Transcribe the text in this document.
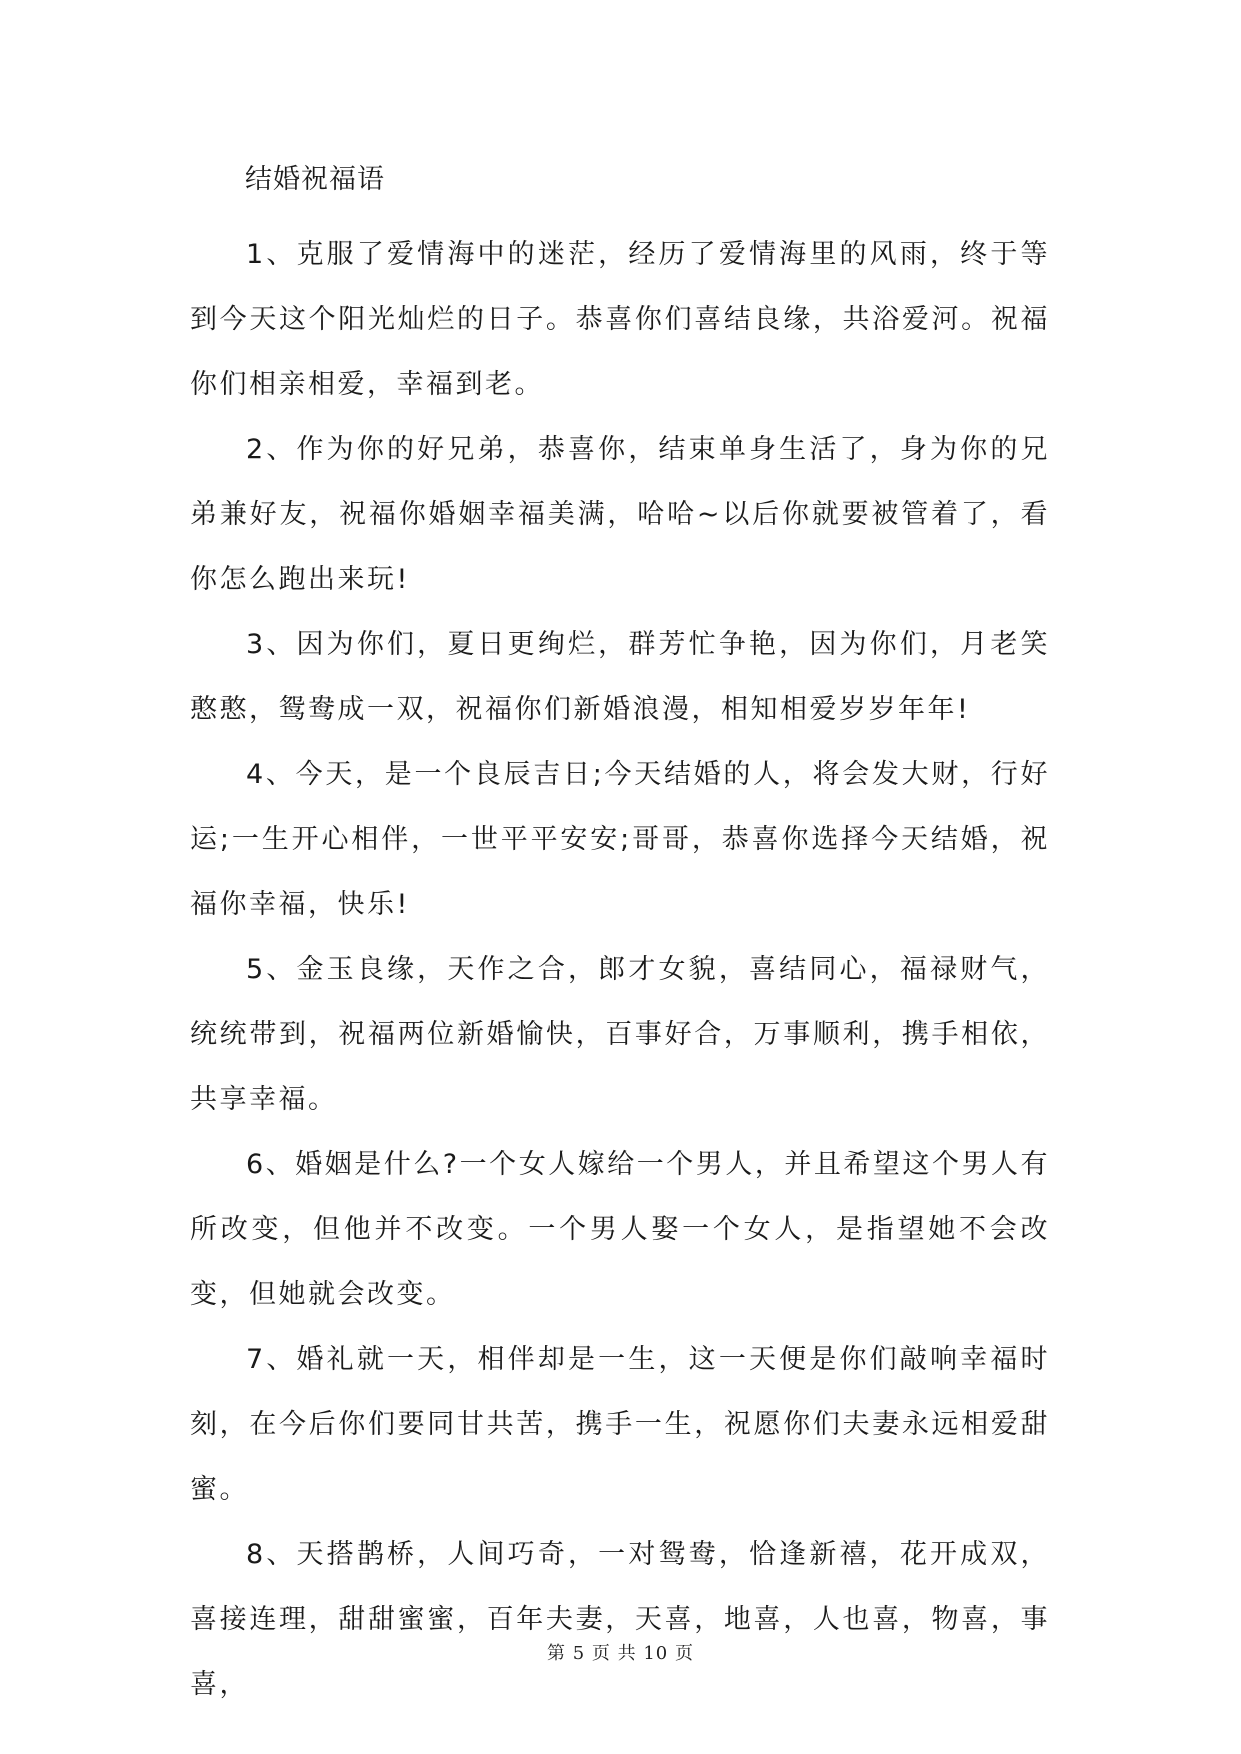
结婚祝福语

1、克服了爱情海中的迷茫，经历了爱情海里的风雨，终于等到今天这个阳光灿烂的日子。恭喜你们喜结良缘，共浴爱河。祝福你们相亲相爱，幸福到老。

2、作为你的好兄弟，恭喜你，结束单身生活了，身为你的兄弟兼好友，祝福你婚姻幸福美满，哈哈~以后你就要被管着了，看你怎么跑出来玩!

3、因为你们，夏日更绚烂，群芳忙争艳，因为你们，月老笑憨憨，鸳鸯成一双，祝福你们新婚浪漫，相知相爱岁岁年年!

4、今天，是一个良辰吉日;今天结婚的人，将会发大财，行好运;一生开心相伴，一世平平安安;哥哥，恭喜你选择今天结婚，祝福你幸福，快乐!

5、金玉良缘，天作之合，郎才女貌，喜结同心，福禄财气，统统带到，祝福两位新婚愉快，百事好合，万事顺利，携手相依，共享幸福。

6、婚姻是什么?一个女人嫁给一个男人，并且希望这个男人有所改变，但他并不改变。一个男人娶一个女人，是指望她不会改变，但她就会改变。

7、婚礼就一天，相伴却是一生，这一天便是你们敲响幸福时刻，在今后你们要同甘共苦，携手一生，祝愿你们夫妻永远相爱甜蜜。

8、天搭鹊桥，人间巧奇，一对鸳鸯，恰逢新禧，花开成双，喜接连理，甜甜蜜蜜，百年夫妻，天喜，地喜，人也喜，物喜，事喜，

第 5 页 共 10 页
